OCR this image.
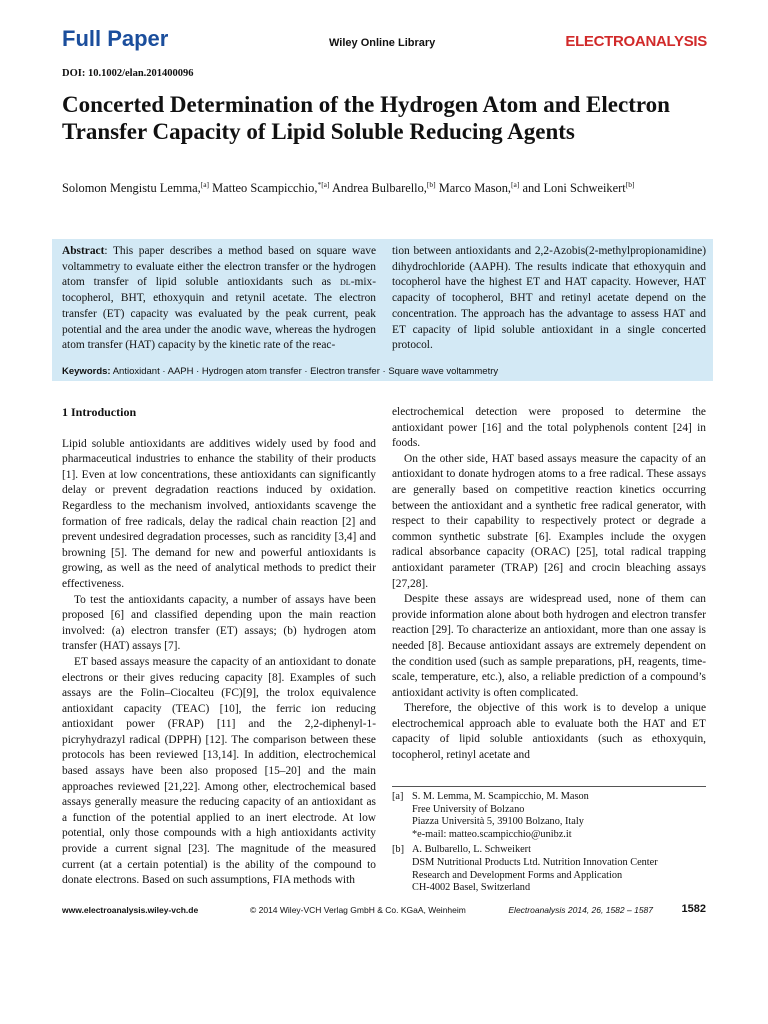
Full Paper	Wiley Online Library	ELECTROANALYSIS
DOI: 10.1002/elan.201400096
Concerted Determination of the Hydrogen Atom and Electron Transfer Capacity of Lipid Soluble Reducing Agents
Solomon Mengistu Lemma,[a] Matteo Scampicchio,$^{*[a]}$ Andrea Bulbarello,[b] Marco Mason,[a] and Loni Schweikert[b]
Abstract: This paper describes a method based on square wave voltammetry to evaluate either the electron transfer or the hydrogen atom transfer of lipid soluble antioxidants such as dl-mix-tocopherol, BHT, ethoxyquin and retynil acetate. The electron transfer (ET) capacity was evaluated by the peak current, peak potential and the area under the anodic wave, whereas the hydrogen atom transfer (HAT) capacity by the kinetic rate of the reac-
tion between antioxidants and 2,2-Azobis(2-methylpropionamidine) dihydrochloride (AAPH). The results indicate that ethoxyquin and tocopherol have the highest ET and HAT capacity. However, HAT capacity of tocopherol, BHT and retinyl acetate depend on the concentration. The approach has the advantage to assess HAT and ET capacity of lipid soluble antioxidant in a single concerted protocol.
Keywords: Antioxidant · AAPH · Hydrogen atom transfer · Electron transfer · Square wave voltammetry
1 Introduction

Lipid soluble antioxidants are additives widely used by food and pharmaceutical industries to enhance the stability of their products [1]. Even at low concentrations, these antioxidants can significantly delay or prevent degradation reactions induced by oxidation. Regardless to the mechanism involved, antioxidants scavenge the formation of free radicals, delay the radical chain reaction [2] and prevent undesired degradation processes, such as rancidity [3,4] and browning [5]. The demand for new and powerful antioxidants is growing, as well as the need of analytical methods to predict their effectiveness.

To test the antioxidants capacity, a number of assays have been proposed [6] and classified depending upon the main reaction involved: (a) electron transfer (ET) assays; (b) hydrogen atom transfer (HAT) assays [7].

ET based assays measure the capacity of an antioxidant to donate electrons or their gives reducing capacity [8]. Examples of such assays are the Folin–Ciocalteu (FC)[9], the trolox equivalence antioxidant capacity (TEAC) [10], the ferric ion reducing antioxidant power (FRAP) [11] and the 2,2-diphenyl-1-picryhydrazyl radical (DPPH) [12]. The comparison between these protocols has been reviewed [13,14]. In addition, electrochemical based assays have been also proposed [15–20] and the main approaches reviewed [21,22]. Among other, electrochemical based assays generally measure the reducing capacity of an antioxidant as a function of the potential applied to an inert electrode. At low potential, only those compounds with a high antioxidants activity provide a current signal [23]. The magnitude of the measured current (at a certain potential) is the ability of the compound to donate electrons. Based on such assumptions, FIA methods with

electrochemical detection were proposed to determine the antioxidant power [16] and the total polyphenols content [24] in foods.

On the other side, HAT based assays measure the capacity of an antioxidant to donate hydrogen atoms to a free radical. These assays are generally based on competitive reaction kinetics occurring between the antioxidant and a synthetic free radical generator, with respect to their capability to respectively protect or degrade a common synthetic substrate [6]. Examples include the oxygen radical absorbance capacity (ORAC) [25], total radical trapping antioxidant parameter (TRAP) [26] and crocin bleaching assays [27,28].

Despite these assays are widespread used, none of them can provide information alone about both hydrogen and electron transfer reaction [29]. To characterize an antioxidant, more than one assay is needed [8]. Because antioxidant assays are extremely dependent on the condition used (such as sample preparations, pH, reagents, time-scale, temperature, etc.), also, a reliable prediction of a compound’s antioxidant activity is often complicated.

Therefore, the objective of this work is to develop a unique electrochemical approach able to evaluate both the HAT and ET capacity of lipid soluble antioxidants (such as ethoxyquin, tocopherol, retinyl acetate and

[a] S. M. Lemma, M. Scampicchio, M. Mason
Free University of Bolzano
Piazza Università 5, 39100 Bolzano, Italy
*e-mail: matteo.scampicchio@unibz.it
[b] A. Bulbarello, L. Schweikert
DSM Nutritional Products Ltd. Nutrition Innovation Center
Research and Development Forms and Application
CH-4002 Basel, Switzerland
www.electroanalysis.wiley-vch.de	© 2014 Wiley-VCH Verlag GmbH & Co. KGaA, Weinheim	Electroanalysis 2014, 26, 1582 – 1587	1582
